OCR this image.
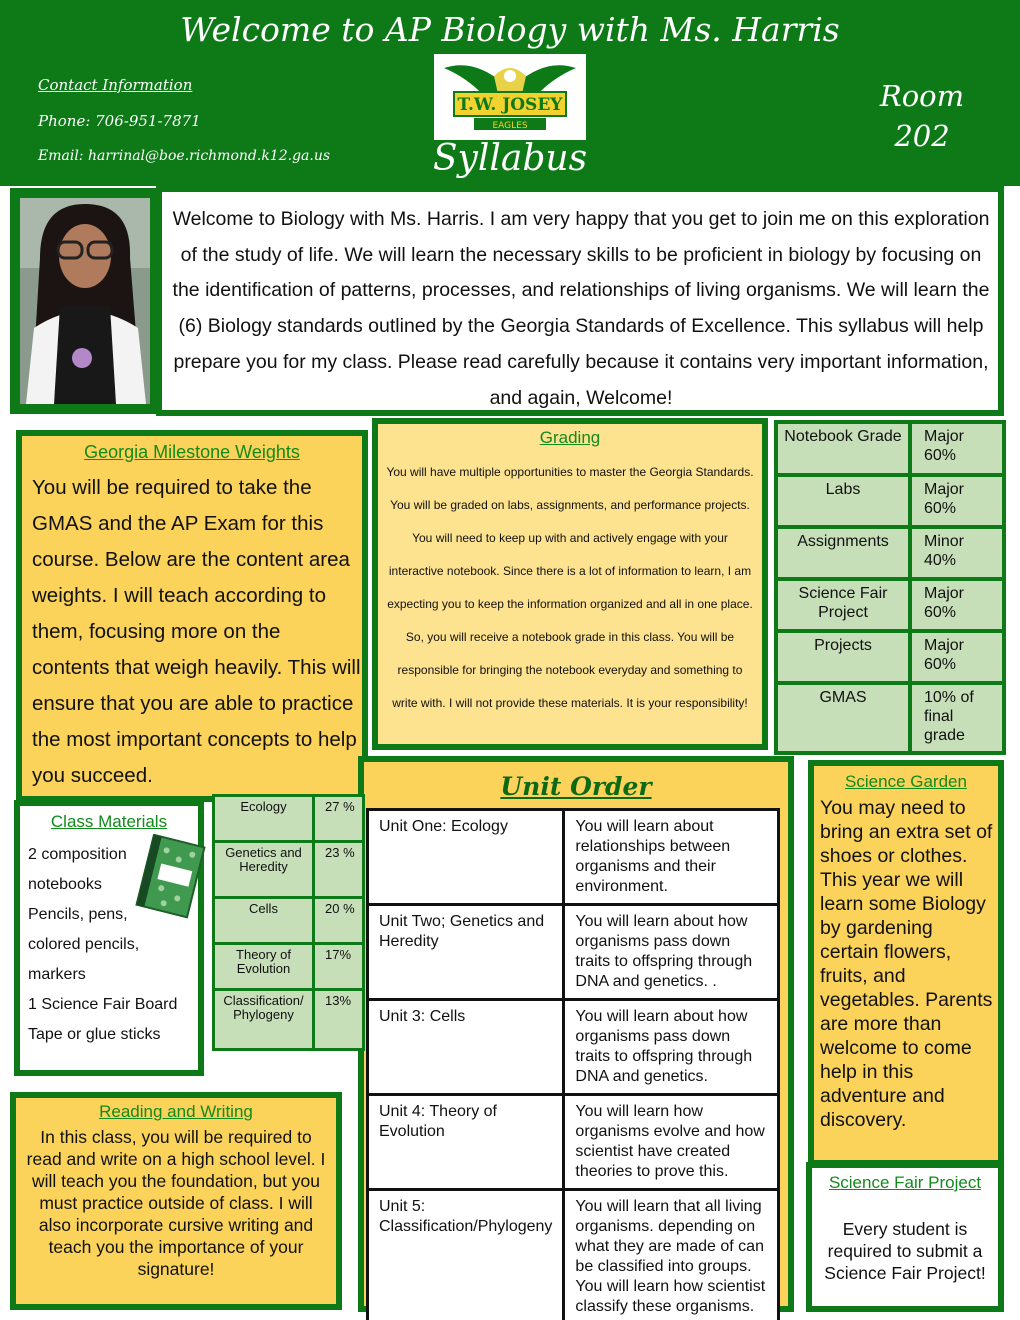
Welcome to AP Biology with Ms. Harris
Contact Information
Phone: 706-951-7871
Email: harrinal@boe.richmond.k12.ga.us
T.W. JOSEY
EAGLES
Syllabus
Room 202
Welcome to Biology with Ms. Harris. I am very happy that you get to join me on this exploration of the study of life. We will learn the necessary skills to be proficient in biology by focusing on the identification of patterns, processes, and relationships of living organisms. We will learn the (6) Biology standards outlined by the Georgia Standards of Excellence. This syllabus will help prepare you for my class. Please read carefully because it contains very important information, and again, Welcome!
Georgia Milestone Weights
You will be required to take the GMAS and the AP Exam for this course. Below are the content area weights. I will teach according to them, focusing more on the contents that weigh heavily. This will ensure that you are able to practice the most important concepts to help you succeed.
Grading
You will have multiple opportunities to master the Georgia Standards. You will be graded on labs, assignments, and performance projects. You will need to keep up with and actively engage with your interactive notebook. Since there is a lot of information to learn, I am expecting you to keep the information organized and all in one place. So, you will receive a notebook grade in this class. You will be responsible for bringing the notebook everyday and something to write with. I will not provide these materials. It is your responsibility!
Notebook Grade	Major 60%
Labs	Major 60%
Assignments	Minor 40%
Science Fair Project	Major 60%
Projects	Major 60%
GMAS	10% of final grade
Unit Order
Unit One: Ecology	You will learn about relationships between organisms and their environment.
Unit Two; Genetics and Heredity	You will learn about how organisms pass down traits to offspring through DNA and genetics. .
Unit 3: Cells	You will learn about how organisms pass down traits to offspring through DNA and genetics.
Unit 4: Theory of Evolution	You will learn how organisms evolve and how scientist have created theories to prove this.
Unit 5: Classification/Phylogeny	You will learn that all living organisms. depending on what they are made of can be classified into groups. You will learn how scientist classify these organisms.
Class Materials
2 composition notebooks
Pencils, pens, colored pencils, markers
1 Science Fair Board
Tape or glue sticks
Ecology	27 %
Genetics and Heredity	23 %
Cells	20 %
Theory of Evolution	17%
Classification/ Phylogeny	13%
Reading and Writing
In this class, you will be required to read and write on a high school level. I will teach you the foundation, but you must practice outside of class. I will also incorporate cursive writing and teach you the importance of your signature!
Science Garden
You may need to bring an extra set of shoes or clothes. This year we will learn some Biology by gardening certain flowers, fruits, and vegetables. Parents are more than welcome to come help in this adventure and discovery.
Science Fair Project
Every student is required to submit a Science Fair Project!
